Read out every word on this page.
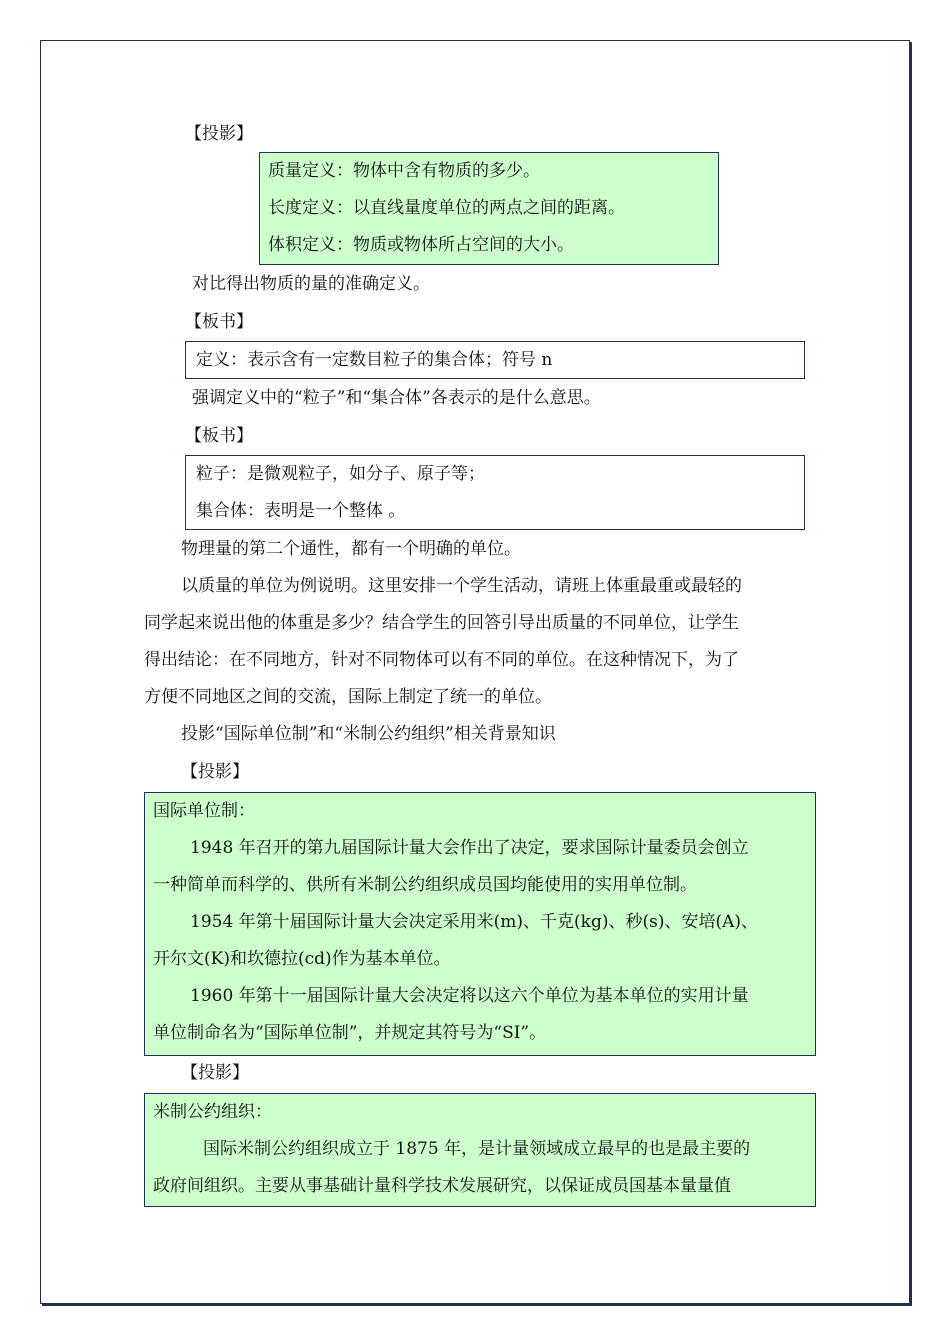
【投影】
质量定义：物体中含有物质的多少。
长度定义：以直线量度单位的两点之间的距离。
体积定义：物质或物体所占空间的大小。
对比得出物质的量的准确定义。
【板书】
定义：表示含有一定数目粒子的集合体；符号 n
强调定义中的“粒子”和“集合体”各表示的是什么意思。
【板书】
粒子：是微观粒子，如分子、原子等；
集合体：表明是一个整体 。
物理量的第二个通性，都有一个明确的单位。
以质量的单位为例说明。这里安排一个学生活动，请班上体重最重或最轻的
同学起来说出他的体重是多少？结合学生的回答引导出质量的不同单位，让学生
得出结论：在不同地方，针对不同物体可以有不同的单位。在这种情况下，为了
方便不同地区之间的交流，国际上制定了统一的单位。
投影“国际单位制”和“米制公约组织”相关背景知识
【投影】
国际单位制：
1948 年召开的第九届国际计量大会作出了决定，要求国际计量委员会创立
一种简单而科学的、供所有米制公约组织成员国均能使用的实用单位制。
1954 年第十届国际计量大会决定采用米(m)、千克(kg)、秒(s)、安培(A)、
开尔文(K)和坎德拉(cd)作为基本单位。
1960 年第十一届国际计量大会决定将以这六个单位为基本单位的实用计量
单位制命名为“国际单位制”，并规定其符号为“SI”。
【投影】
米制公约组织：
国际米制公约组织成立于 1875 年，是计量领域成立最早的也是最主要的
政府间组织。主要从事基础计量科学技术发展研究，以保证成员国基本量量值
